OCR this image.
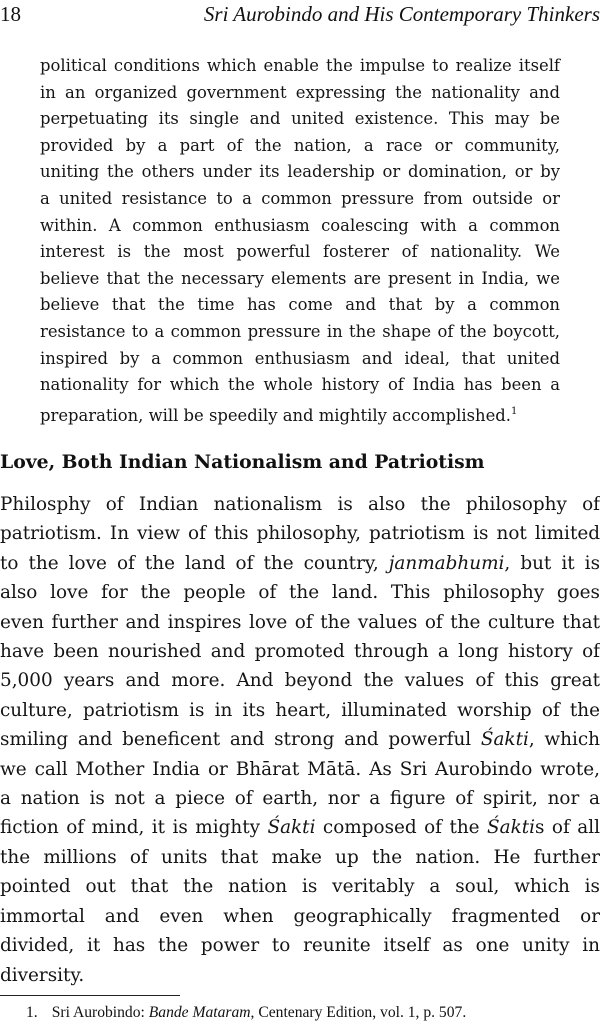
18	Sri Aurobindo and His Contemporary Thinkers
political conditions which enable the impulse to realize itself
in an organized government expressing the nationality and
perpetuating its single and united existence. This may be
provided by a part of the nation, a race or community,
uniting the others under its leadership or domination, or by
a united resistance to a common pressure from outside or
within. A common enthusiasm coalescing with a common
interest is the most powerful fosterer of nationality. We
believe that the necessary elements are present in India, we
believe that the time has come and that by a common
resistance to a common pressure in the shape of the boycott,
inspired by a common enthusiasm and ideal, that united
nationality for which the whole history of India has been a
preparation, will be speedily and mightily accomplished.$^1$
Love, Both Indian Nationalism and Patriotism
Philosphy of Indian nationalism is also the philosophy of
patriotism. In view of this philosophy, patriotism is not limited
to the love of the land of the country, janmabhumi, but it is
also love for the people of the land. This philosophy goes
even further and inspires love of the values of the culture that
have been nourished and promoted through a long history of
5,000 years and more. And beyond the values of this great
culture, patriotism is in its heart, illuminated worship of the
smiling and beneficent and strong and powerful Śakti, which
we call Mother India or Bhārat Mātā. As Sri Aurobindo wrote,
a nation is not a piece of earth, nor a figure of spirit, nor a
fiction of mind, it is mighty Śakti composed of the Śaktis of all
the millions of units that make up the nation. He further
pointed out that the nation is veritably a soul, which is
immortal and even when geographically fragmented or
divided, it has the power to reunite itself as one unity in
diversity.
1. Sri Aurobindo: Bande Mataram, Centenary Edition, vol. 1, p. 507.
